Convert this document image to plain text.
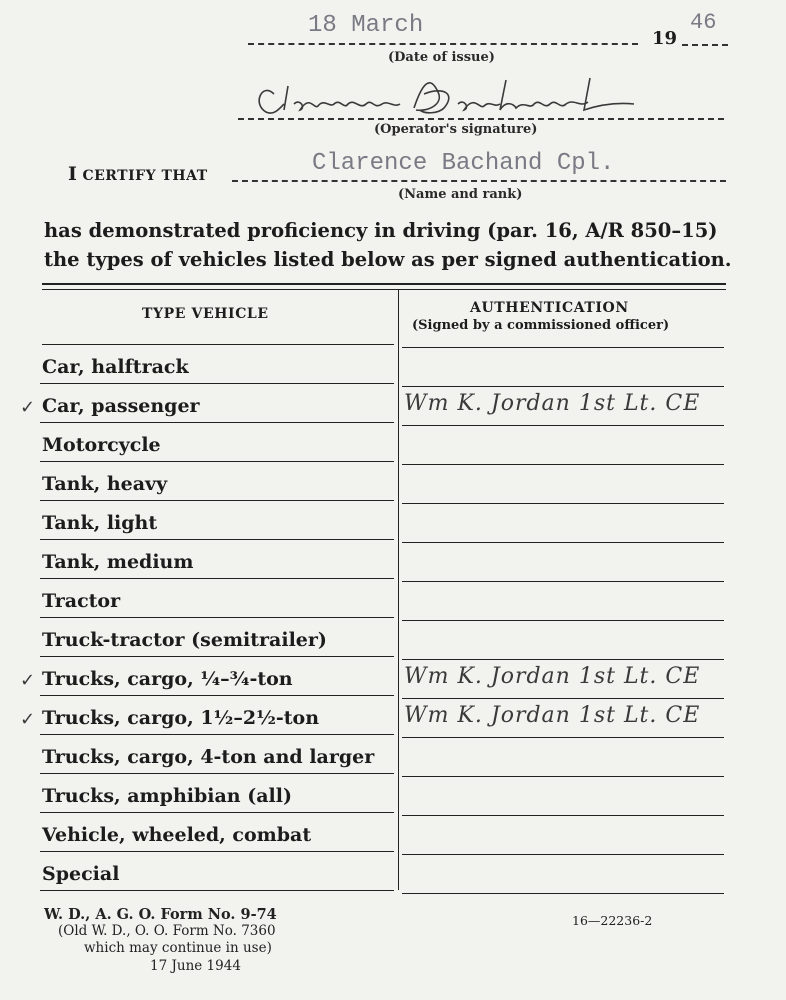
18 March	19
46
(Date of issue)
(Operator's signature)
I CERTIFY THAT	Clarence Bachand Cpl.
(Name and rank)
has demonstrated proficiency in driving (par. 16, A/R 850–15)
the types of vehicles listed below as per signed authentication.
TYPE VEHICLE	AUTHENTICATION
(Signed by a commissioned officer)
Car, halftrack
✓ Car, passenger	Wm K. Jordan 1st Lt. CE
Motorcycle
Tank, heavy
Tank, light
Tank, medium
Tractor
Truck-tractor (semitrailer)
✓ Trucks, cargo, ¼–¾-ton	Wm K. Jordan 1st Lt. CE
✓ Trucks, cargo, 1½–2½-ton	Wm K. Jordan 1st Lt. CE
Trucks, cargo, 4-ton and larger
Trucks, amphibian (all)
Vehicle, wheeled, combat
Special
W. D., A. G. O. Form No. 9-74
(Old W. D., O. O. Form No. 7360
which may continue in use)
17 June 1944
16—22236-2
